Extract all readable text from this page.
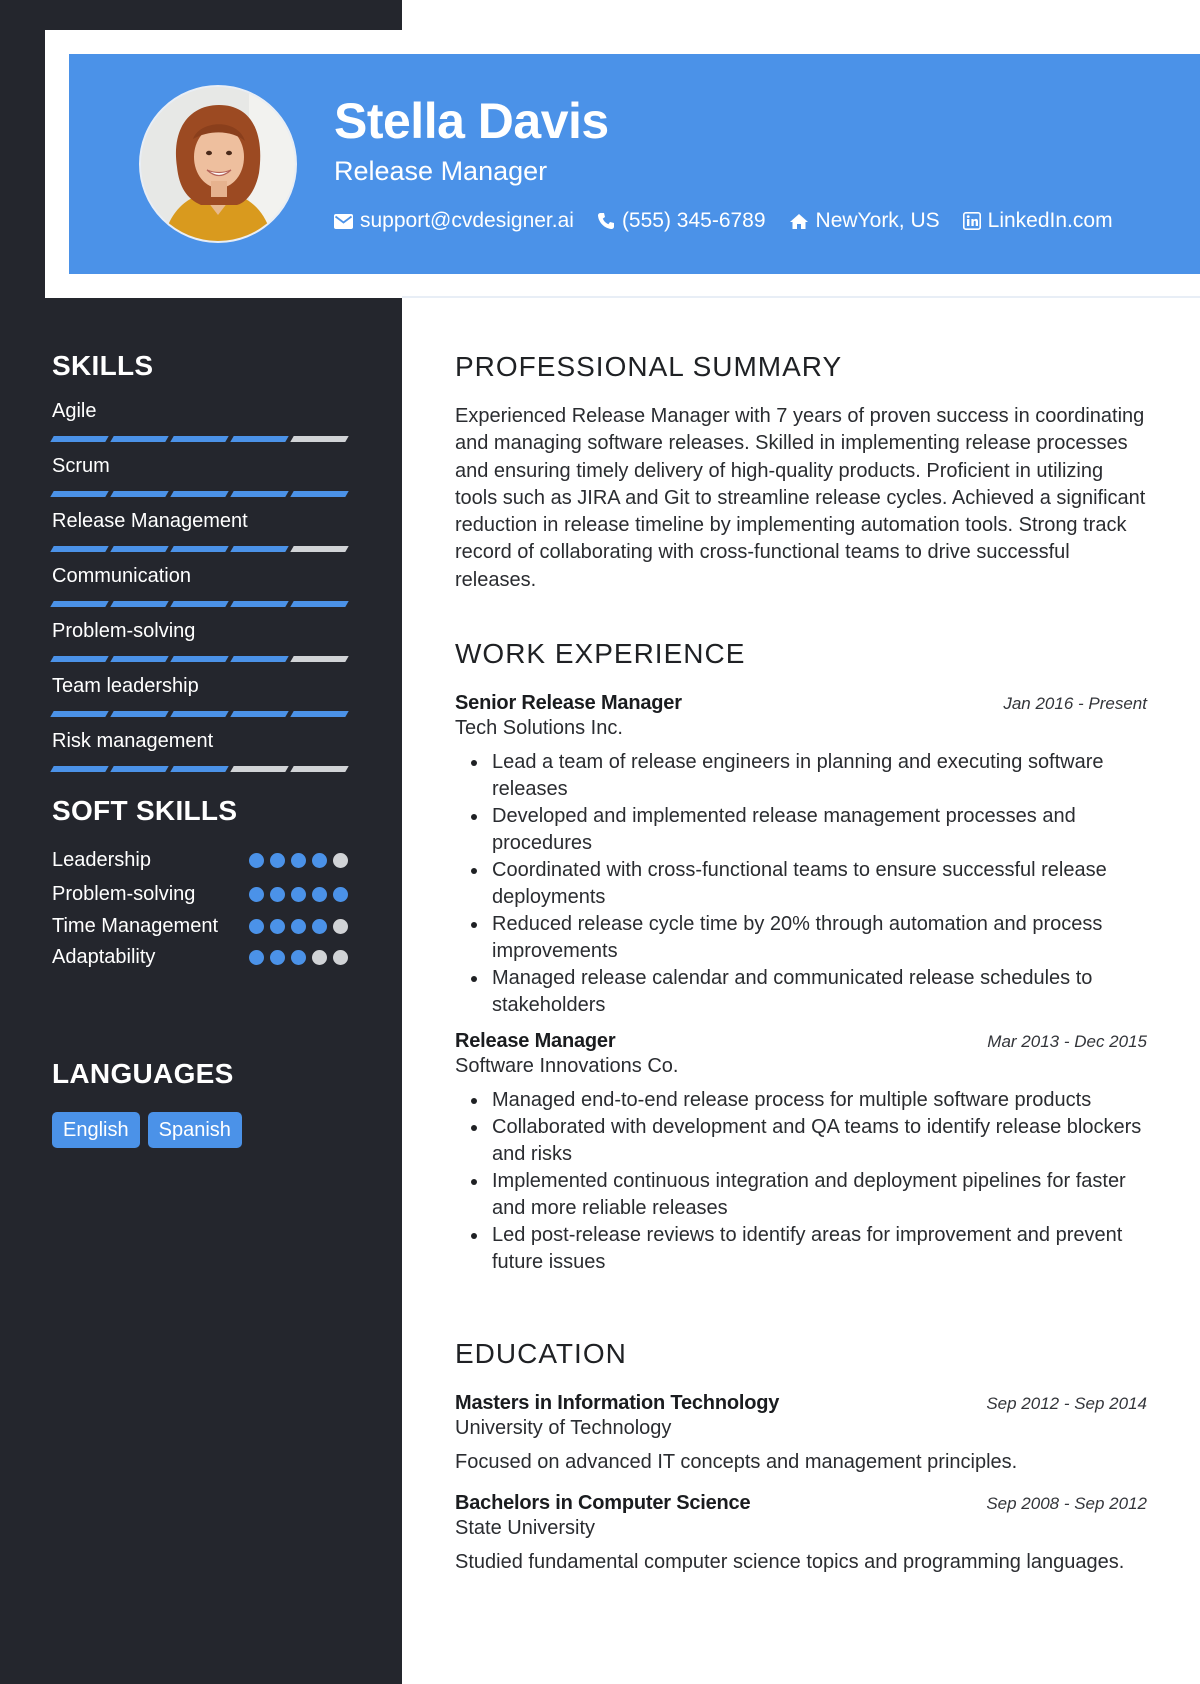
Stella Davis
Release Manager
support@cvdesigner.ai (555) 345-6789 NewYork, US LinkedIn.com
SKILLS
Agile
Scrum
Release Management
Communication
Problem-solving
Team leadership
Risk management
SOFT SKILLS
Leadership
Problem-solving
Time Management
Adaptability
LANGUAGES
English	Spanish
PROFESSIONAL SUMMARY
Experienced Release Manager with 7 years of proven success in coordinating and managing software releases. Skilled in implementing release processes and ensuring timely delivery of high-quality products. Proficient in utilizing tools such as JIRA and Git to streamline release cycles. Achieved a significant reduction in release timeline by implementing automation tools. Strong track record of collaborating with cross-functional teams to drive successful releases.
WORK EXPERIENCE
Senior Release Manager	Jan 2016 - Present
Tech Solutions Inc.
Lead a team of release engineers in planning and executing software releases
Developed and implemented release management processes and procedures
Coordinated with cross-functional teams to ensure successful release deployments
Reduced release cycle time by 20% through automation and process improvements
Managed release calendar and communicated release schedules to stakeholders
Release Manager	Mar 2013 - Dec 2015
Software Innovations Co.
Managed end-to-end release process for multiple software products
Collaborated with development and QA teams to identify release blockers and risks
Implemented continuous integration and deployment pipelines for faster and more reliable releases
Led post-release reviews to identify areas for improvement and prevent future issues
EDUCATION
Masters in Information Technology	Sep 2012 - Sep 2014
University of Technology
Focused on advanced IT concepts and management principles.
Bachelors in Computer Science	Sep 2008 - Sep 2012
State University
Studied fundamental computer science topics and programming languages.
